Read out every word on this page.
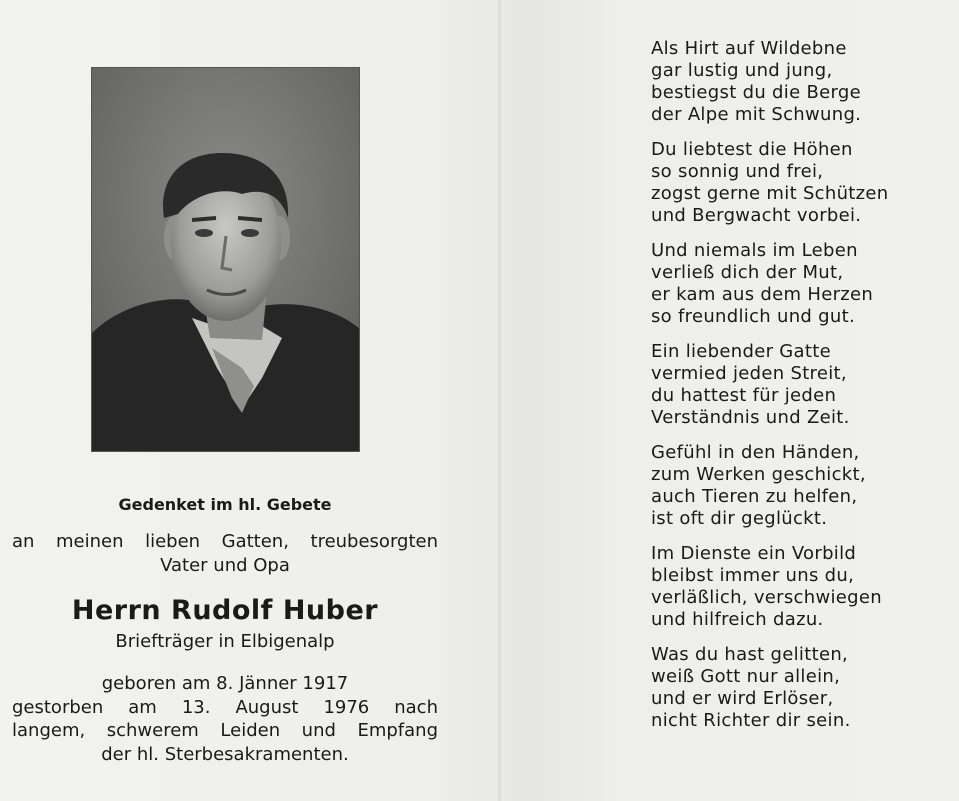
Gedenket im hl. Gebete
an meinen lieben Gatten, treubesorgten
Vater und Opa
Herrn Rudolf Huber
Briefträger in Elbigenalp
geboren am 8. Jänner 1917
gestorben am 13. August 1976 nach
langem, schwerem Leiden und Empfang
der hl. Sterbesakramenten.
Als Hirt auf Wildebne
gar lustig und jung,
bestiegst du die Berge
der Alpe mit Schwung.
Du liebtest die Höhen
so sonnig und frei,
zogst gerne mit Schützen
und Bergwacht vorbei.
Und niemals im Leben
verließ dich der Mut,
er kam aus dem Herzen
so freundlich und gut.
Ein liebender Gatte
vermied jeden Streit,
du hattest für jeden
Verständnis und Zeit.
Gefühl in den Händen,
zum Werken geschickt,
auch Tieren zu helfen,
ist oft dir geglückt.
Im Dienste ein Vorbild
bleibst immer uns du,
verläßlich, verschwiegen
und hilfreich dazu.
Was du hast gelitten,
weiß Gott nur allein,
und er wird Erlöser,
nicht Richter dir sein.
